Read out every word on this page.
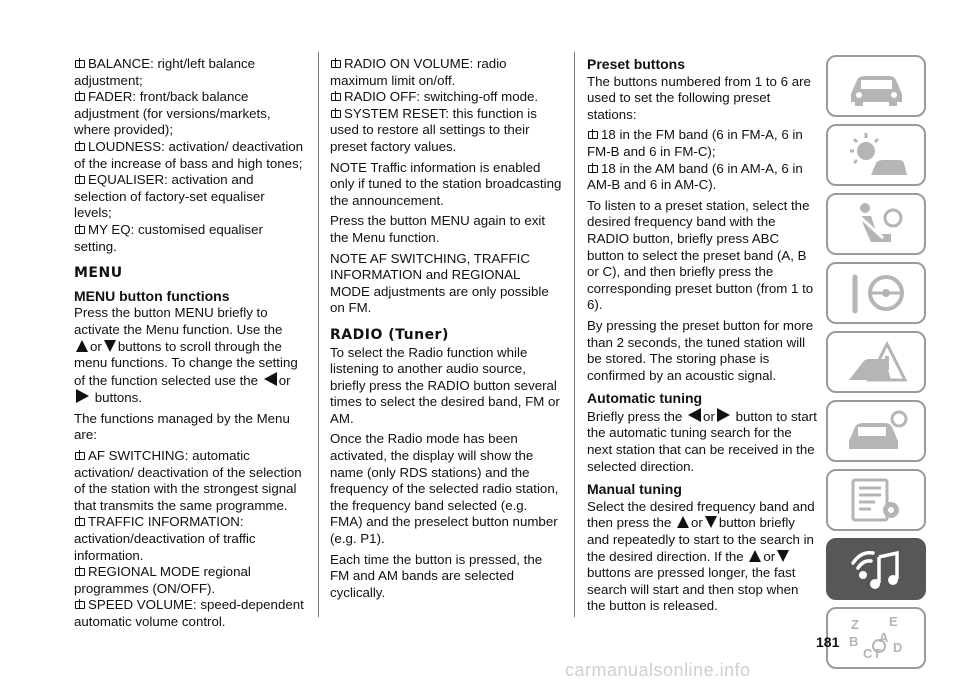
BALANCE: right/left balance adjustment;

FADER: front/back balance adjustment (for versions/markets, where provided);

LOUDNESS: activation/ deactivation of the increase of bass and high tones;

EQUALISER: activation and selection of factory-set equaliser levels;

MY EQ: customised equaliser setting.

MENU
MENU button functions

Press the button MENU briefly to activate the Menu function. Use the
or buttons to scroll through the menu functions. To change the setting of the function selected use the or
buttons.

The functions managed by the Menu are:

AF SWITCHING: automatic activation/ deactivation of the selection of the station with the strongest signal that transmits the same programme.

TRAFFIC INFORMATION: activation/deactivation of traffic information.

REGIONAL MODE regional programmes (ON/OFF).

SPEED VOLUME: speed-dependent automatic volume control.

RADIO ON VOLUME: radio maximum limit on/off.

RADIO OFF: switching-off mode.

SYSTEM RESET: this function is used to restore all settings to their preset factory values.

NOTE Traffic information is enabled only if tuned to the station broadcasting the announcement.

Press the button MENU again to exit the Menu function.

NOTE AF SWITCHING, TRAFFIC INFORMATION and REGIONAL MODE adjustments are only possible on FM.

RADIO (Tuner)

To select the Radio function while listening to another audio source, briefly press the RADIO button several times to select the desired band, FM or AM.

Once the Radio mode has been activated, the display will show the name (only RDS stations) and the frequency of the selected radio station, the frequency band selected (e.g. FMA) and the preselect button number (e.g. P1).

Each time the button is pressed, the FM and AM bands are selected cyclically.

Preset buttons

The buttons numbered from 1 to 6 are used to set the following preset stations:

18 in the FM band (6 in FM-A, 6 in FM-B and 6 in FM-C);

18 in the AM band (6 in AM-A, 6 in AM-B and 6 in AM-C).

To listen to a preset station, select the desired frequency band with the RADIO button, briefly press ABC button to select the preset band (A, B or C), and then briefly press the corresponding preset button (from 1 to 6).

By pressing the preset button for more than 2 seconds, the tuned station will be stored. The storing phase is confirmed by an acoustic signal.

Automatic tuning

Briefly press the or button to start the automatic tuning search for the next station that can be received in the selected direction.

Manual tuning

Select the desired frequency band and then press the or button briefly and repeatedly to start to the search in the desired direction. If the or buttons are pressed longer, the fast search will start and then stop when the button is released.

Z E
B A
C T D
181
carmanualsonline.info
